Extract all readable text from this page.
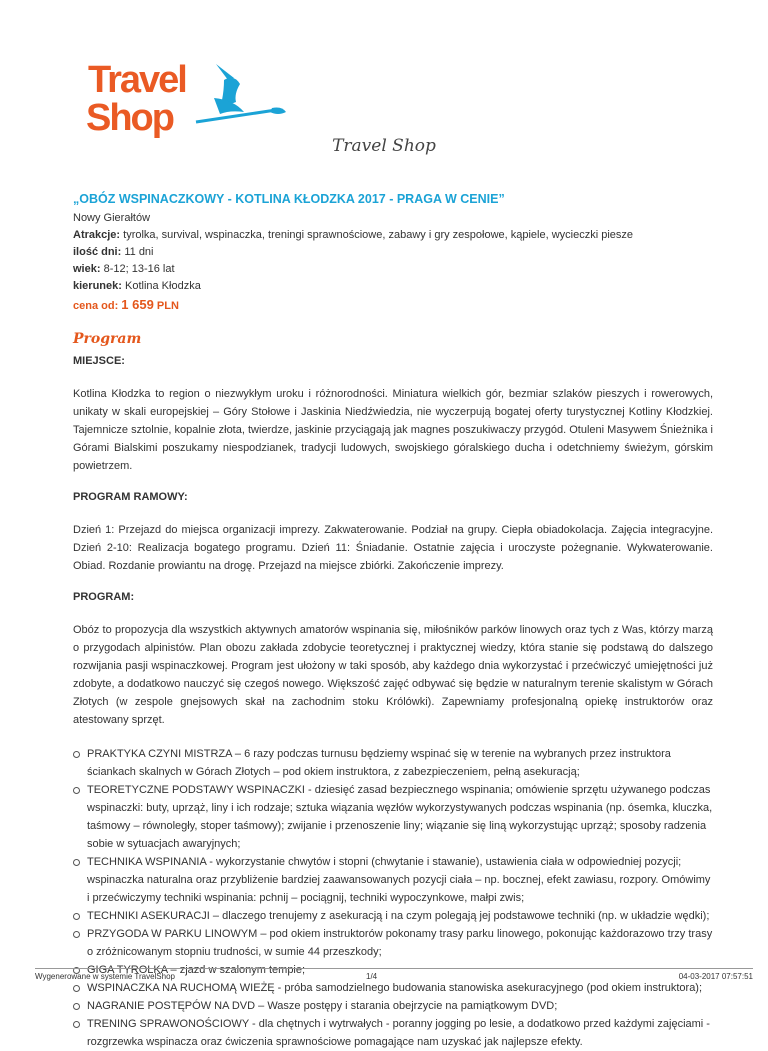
Travel
Shop
Travel Shop
„OBÓZ WSPINACZKOWY - KOTLINA KŁODZKA 2017 - PRAGA W CENIE”
Nowy Gierałtów
Atrakcje: tyrolka, survival, wspinaczka, treningi sprawnościowe, zabawy i gry zespołowe, kąpiele, wycieczki piesze
ilość dni: 11 dni
wiek: 8-12; 13-16 lat
kierunek: Kotlina Kłodzka
cena od: 1 659 PLN
Program
MIEJSCE:
Kotlina Kłodzka to region o niezwykłym uroku i różnorodności. Miniatura wielkich gór, bezmiar szlaków pieszych i rowerowych, unikaty w skali europejskiej – Góry Stołowe i Jaskinia Niedźwiedzia, nie wyczerpują bogatej oferty turystycznej Kotliny Kłodzkiej. Tajemnicze sztolnie, kopalnie złota, twierdze, jaskinie przyciągają jak magnes poszukiwaczy przygód. Otuleni Masywem Śnieżnika i Górami Bialskimi poszukamy niespodzianek, tradycji ludowych, swojskiego góralskiego ducha i odetchniemy świeżym, górskim powietrzem.
PROGRAM RAMOWY:
Dzień 1: Przejazd do miejsca organizacji imprezy. Zakwaterowanie. Podział na grupy. Ciepła obiadokolacja. Zajęcia integracyjne. Dzień 2-10: Realizacja bogatego programu. Dzień 11: Śniadanie. Ostatnie zajęcia i uroczyste pożegnanie. Wykwaterowanie. Obiad. Rozdanie prowiantu na drogę. Przejazd na miejsce zbiórki. Zakończenie imprezy.
PROGRAM:
Obóz to propozycja dla wszystkich aktywnych amatorów wspinania się, miłośników parków linowych oraz tych z Was, którzy marzą o przygodach alpinistów. Plan obozu zakłada zdobycie teoretycznej i praktycznej wiedzy, która stanie się podstawą do dalszego rozwijania pasji wspinaczkowej. Program jest ułożony w taki sposób, aby każdego dnia wykorzystać i przećwiczyć umiejętności już zdobyte, a dodatkowo nauczyć się czegoś nowego. Większość zajęć odbywać się będzie w naturalnym terenie skalistym w Górach Złotych (w zespole gnejsowych skał na zachodnim stoku Królówki). Zapewniamy profesjonalną opiekę instruktorów oraz atestowany sprzęt.
PRAKTYKA CZYNI MISTRZA – 6 razy podczas turnusu będziemy wspinać się w terenie na wybranych przez instruktora ściankach skalnych w Górach Złotych – pod okiem instruktora, z zabezpieczeniem, pełną asekuracją;
TEORETYCZNE PODSTAWY WSPINACZKI - dziesięć zasad bezpiecznego wspinania; omówienie sprzętu używanego podczas wspinaczki: buty, uprząż, liny i ich rodzaje; sztuka wiązania węzłów wykorzystywanych podczas wspinania (np. ósemka, kluczka, taśmowy – równoległy, stoper taśmowy); zwijanie i przenoszenie liny; wiązanie się liną wykorzystując uprząż; sposoby radzenia sobie w sytuacjach awaryjnych;
TECHNIKA WSPINANIA - wykorzystanie chwytów i stopni (chwytanie i stawanie), ustawienia ciała w odpowiedniej pozycji; wspinaczka naturalna oraz przybliżenie bardziej zaawansowanych pozycji ciała – np. bocznej, efekt zawiasu, rozpory. Omówimy i przećwiczymy techniki wspinania: pchnij – pociągnij, techniki wypoczynkowe, małpi zwis;
TECHNIKI ASEKURACJI – dlaczego trenujemy z asekuracją i na czym polegają jej podstawowe techniki (np. w układzie wędki);
PRZYGODA W PARKU LINOWYM – pod okiem instruktorów pokonamy trasy parku linowego, pokonując każdorazowo trzy trasy o zróżnicowanym stopniu trudności, w sumie 44 przeszkody;
GIGA TYROLKA – zjazd w szalonym tempie;
WSPINACZKA NA RUCHOMĄ WIEŻĘ - próba samodzielnego budowania stanowiska asekuracyjnego (pod okiem instruktora);
NAGRANIE POSTĘPÓW NA DVD – Wasze postępy i starania obejrzycie na pamiątkowym DVD;
TRENING SPRAWONOŚCIOWY - dla chętnych i wytrwałych - poranny jogging po lesie, a dodatkowo przed każdymi zajęciami - rozgrzewka wspinacza oraz ćwiczenia sprawnościowe pomagające nam uzyskać jak najlepsze efekty.
Wygenerowane w systemie TravelShop	1/4	04-03-2017 07:57:51
